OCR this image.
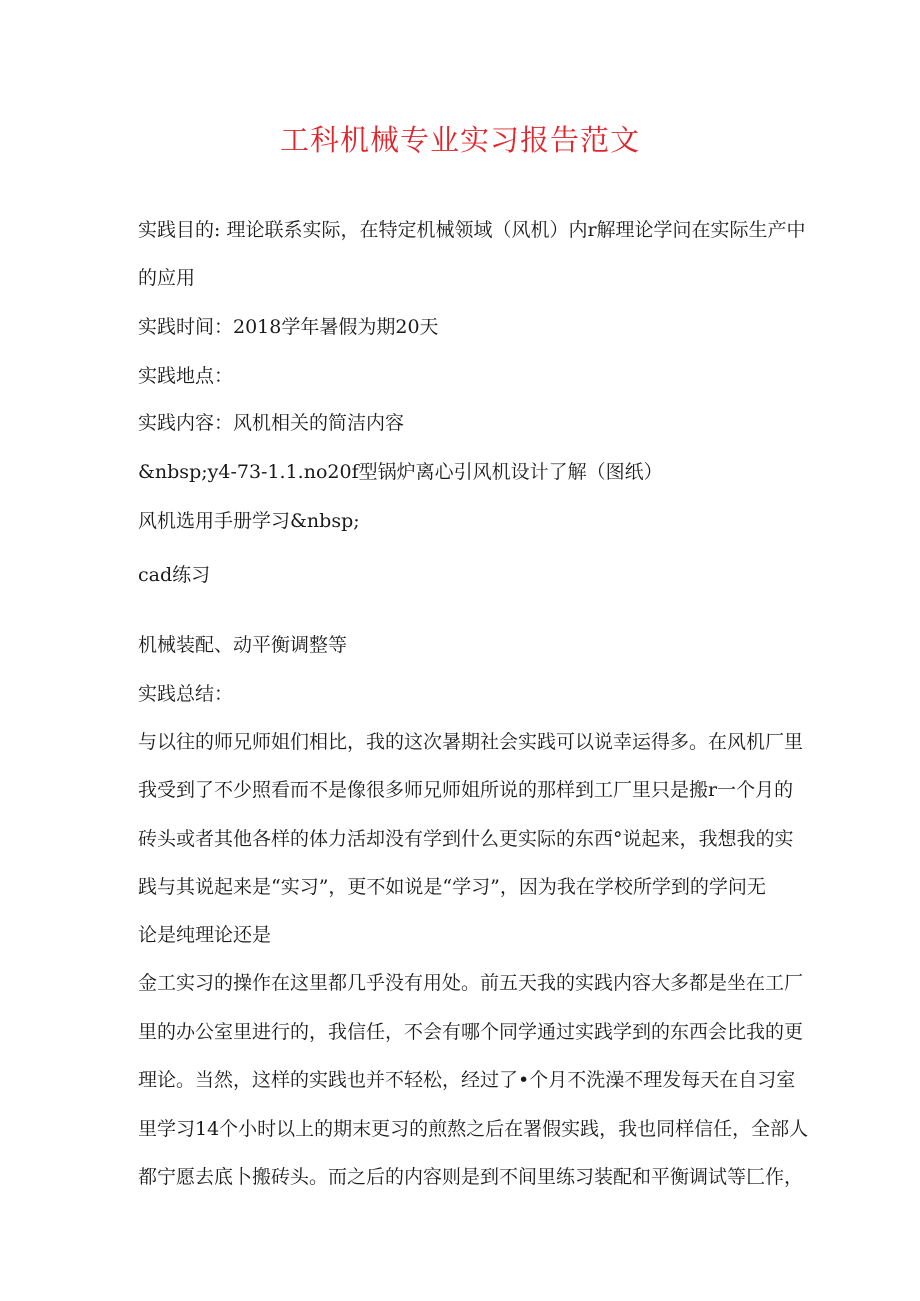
工科机械专业实习报告范文

实践目的: 理论联系实际，在特定机械领域（风机）内r解理论学问在实际生产中

的应用

实践时间：2018学年暑假为期20天

实践地点：

实践内容：风机相关的简洁内容

&nbsp;y4-73-1.1.no20f型锅炉离心引风机设计了解（图纸）

风机选用手册学习&nbsp;

cad练习

机械装配、动平衡调整等

实践总结：

与以往的师兄师姐们相比，我的这次暑期社会实践可以说幸运得多。在风机厂里

我受到了不少照看而不是像很多师兄师姐所说的那样到工厂里只是搬r一个月的

砖头或者其他各样的体力活却没有学到什么更实际的东西°说起来，我想我的实

践与其说起来是“实习”，更不如说是“学习”，因为我在学校所学到的学问无

论是纯理论还是

金工实习的操作在这里都几乎没有用处。前五天我的实践内容大多都是坐在工厂

里的办公室里进行的，我信任，不会有哪个同学通过实践学到的东西会比我的更

理论。当然，这样的实践也并不轻松，经过了•个月不洗澡不理发每天在自习室

里学习14个小时以上的期末更习的煎熬之后在署假实践，我也同样信任，全部人

都宁愿去底卜搬砖头。而之后的内容则是到不间里练习装配和平衡调试等匚作，
